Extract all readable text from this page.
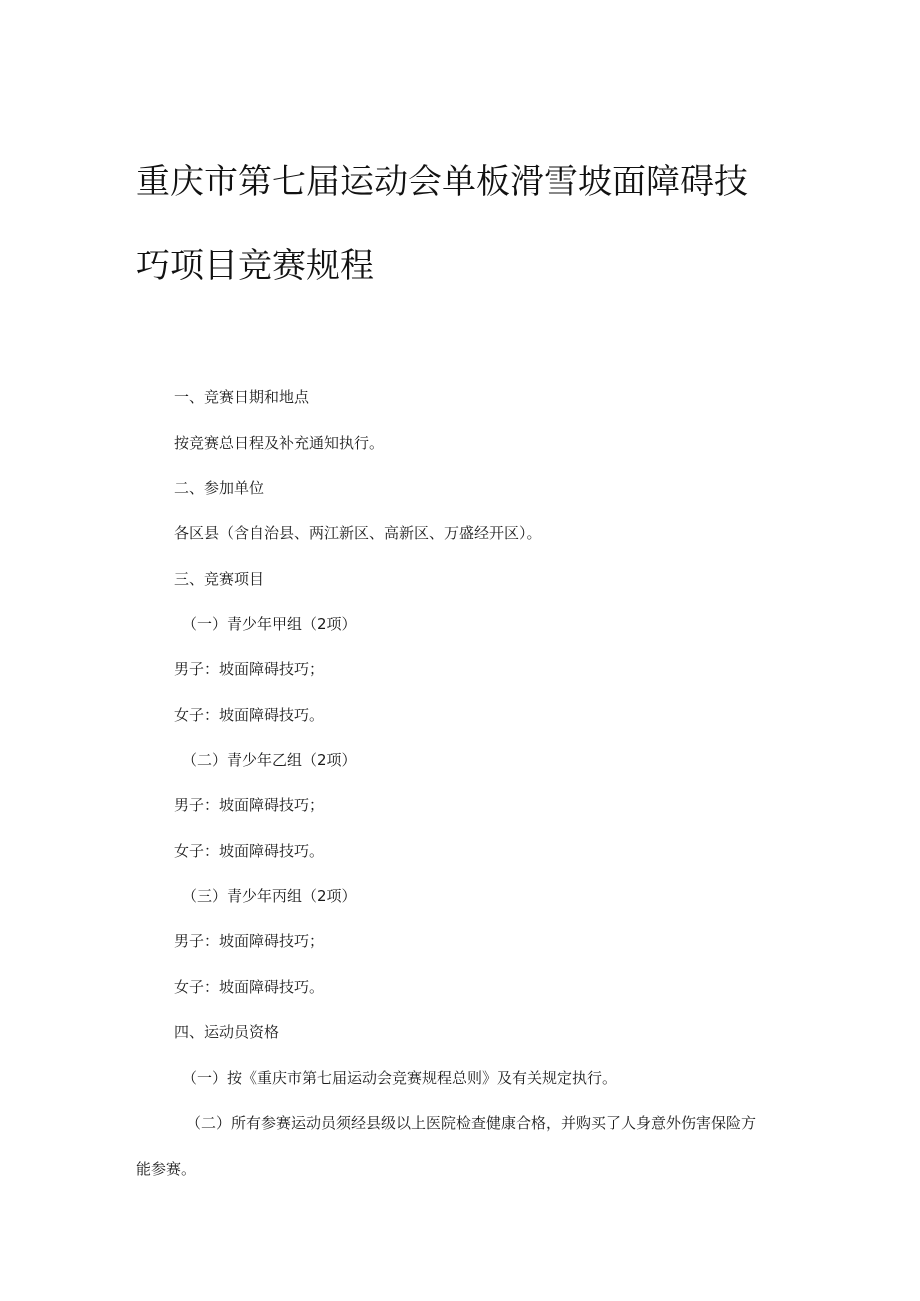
重庆市第七届运动会单板滑雪坡面障碍技
巧项目竞赛规程
一、竞赛日期和地点
按竞赛总日程及补充通知执行。
二、参加单位
各区县（含自治县、两江新区、高新区、万盛经开区）。
三、竞赛项目
（一）青少年甲组（2项）
男子：坡面障碍技巧；
女子：坡面障碍技巧。
（二）青少年乙组（2项）
男子：坡面障碍技巧；
女子：坡面障碍技巧。
（三）青少年丙组（2项）
男子：坡面障碍技巧；
女子：坡面障碍技巧。
四、运动员资格
（一）按《重庆市第七届运动会竞赛规程总则》及有关规定执行。
（二）所有参赛运动员须经县级以上医院检查健康合格，并购买了人身意外伤害保险方
能参赛。
